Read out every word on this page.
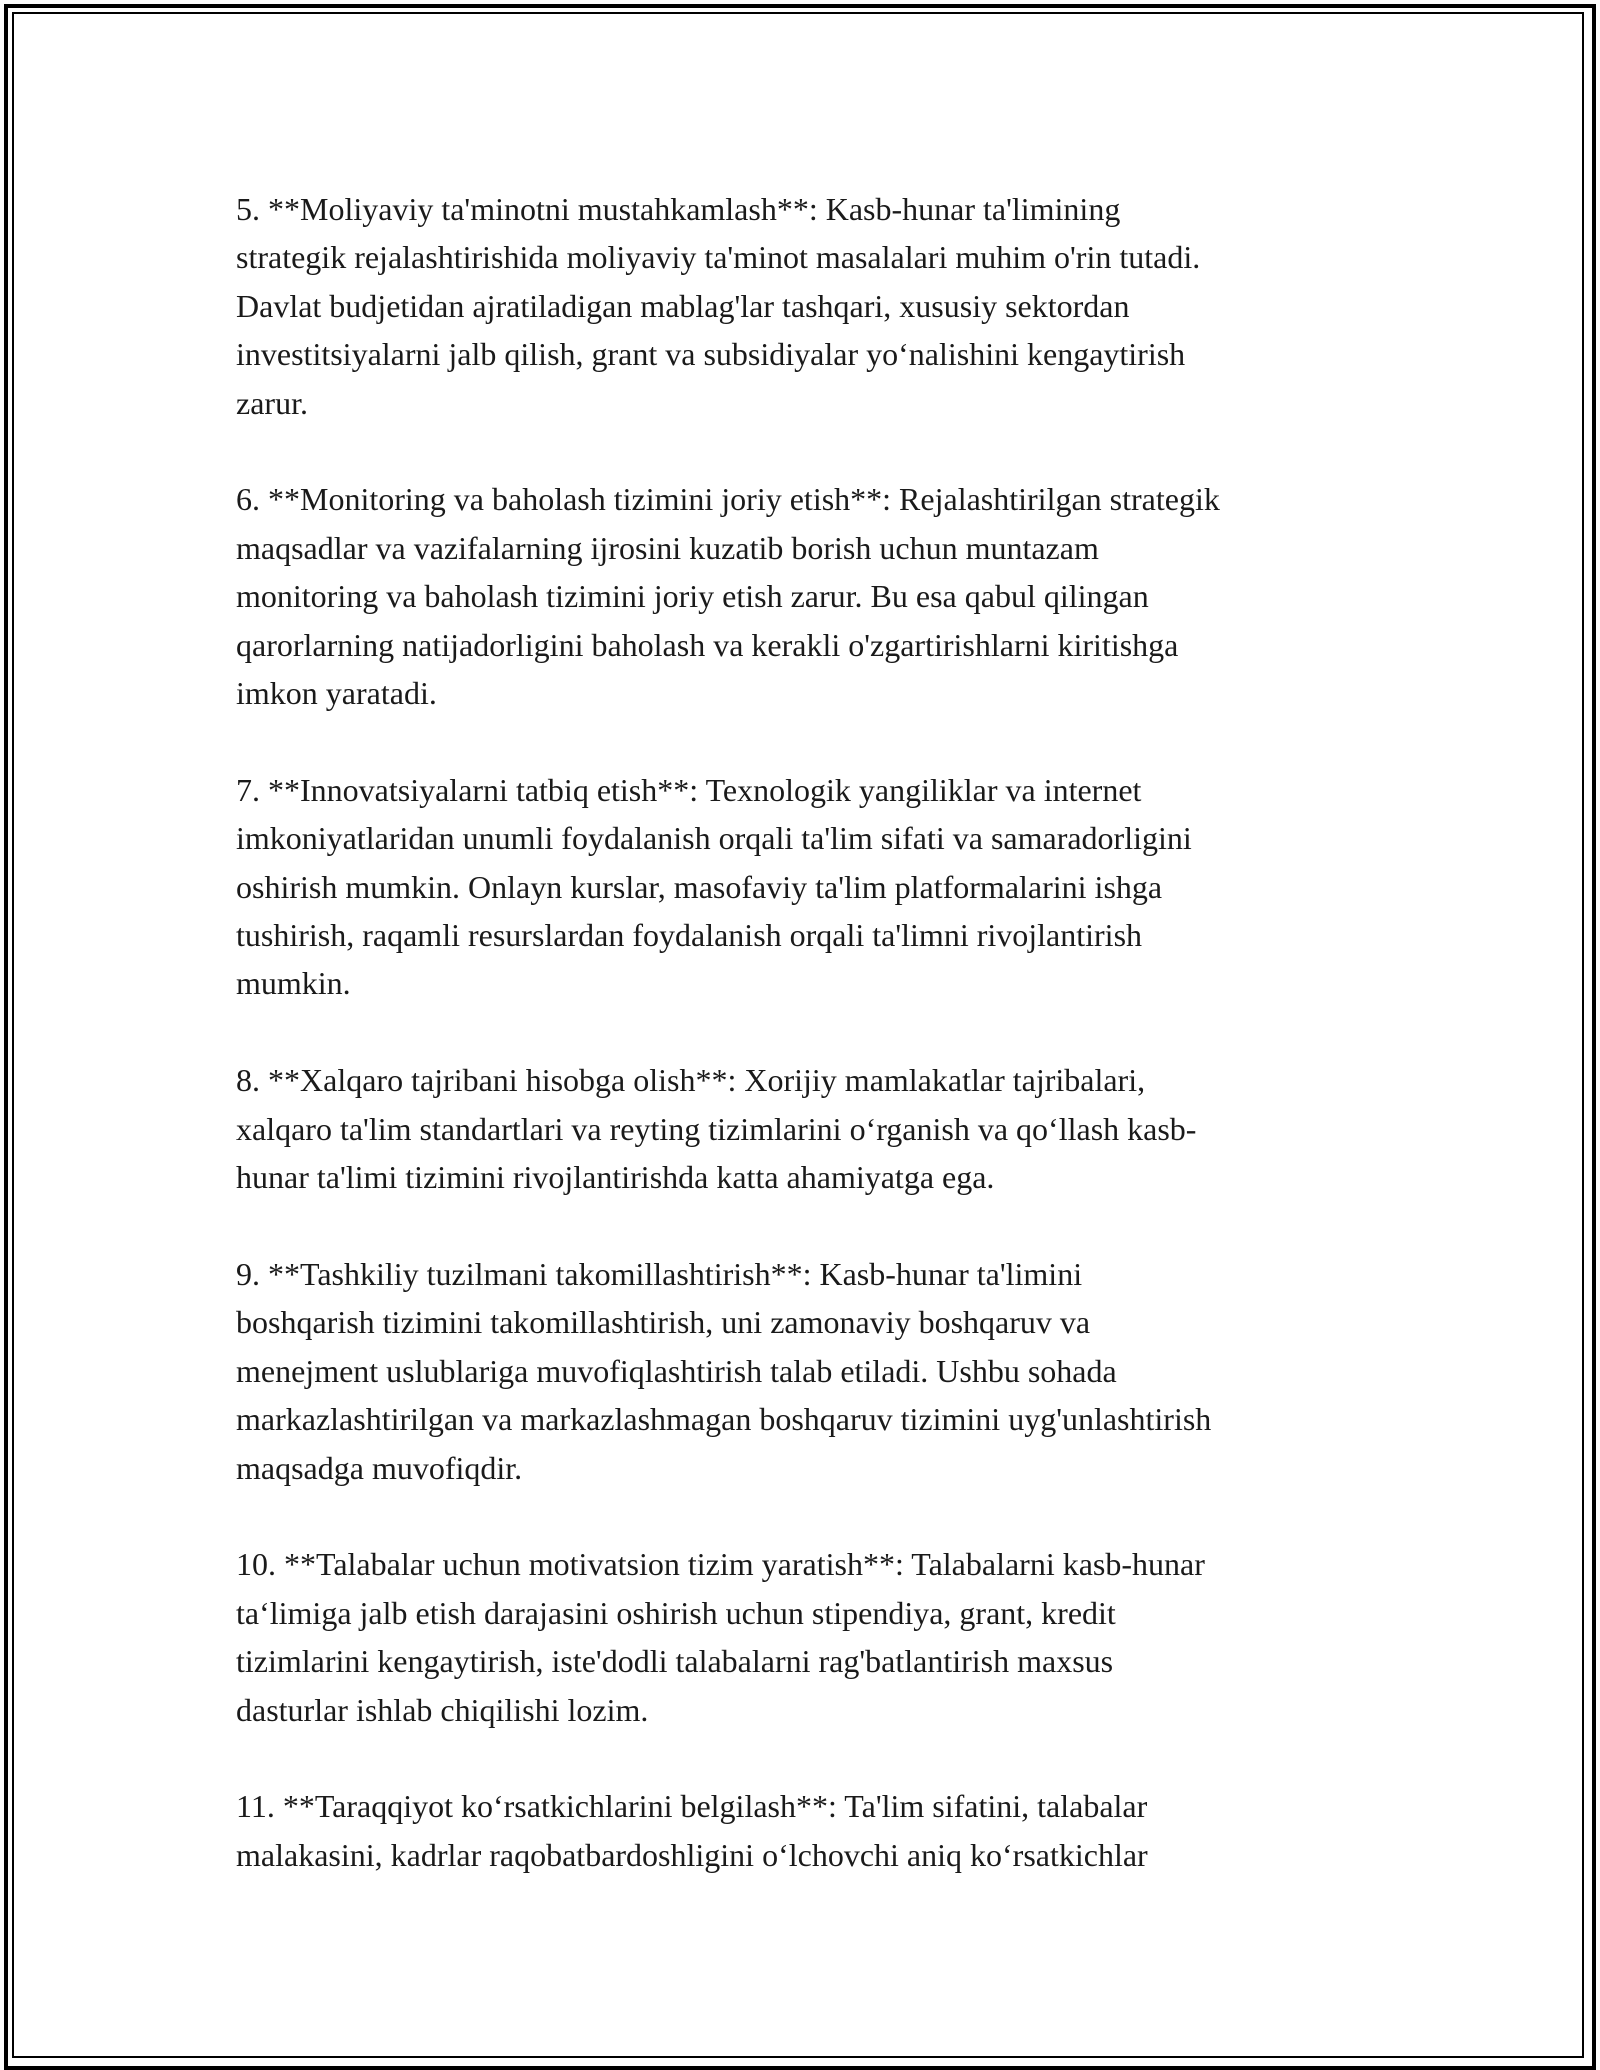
5. **Moliyaviy ta'minotni mustahkamlash**: Kasb-hunar ta'limining
strategik rejalashtirishida moliyaviy ta'minot masalalari muhim o'rin tutadi.
Davlat budjetidan ajratiladigan mablag'lar tashqari, xususiy sektordan
investitsiyalarni jalb qilish, grant va subsidiyalar yo‘nalishini kengaytirish
zarur.

6. **Monitoring va baholash tizimini joriy etish**: Rejalashtirilgan strategik
maqsadlar va vazifalarning ijrosini kuzatib borish uchun muntazam
monitoring va baholash tizimini joriy etish zarur. Bu esa qabul qilingan
qarorlarning natijadorligini baholash va kerakli o'zgartirishlarni kiritishga
imkon yaratadi.

7. **Innovatsiyalarni tatbiq etish**: Texnologik yangiliklar va internet
imkoniyatlaridan unumli foydalanish orqali ta'lim sifati va samaradorligini
oshirish mumkin. Onlayn kurslar, masofaviy ta'lim platformalarini ishga
tushirish, raqamli resurslardan foydalanish orqali ta'limni rivojlantirish
mumkin.

8. **Xalqaro tajribani hisobga olish**: Xorijiy mamlakatlar tajribalari,
xalqaro ta'lim standartlari va reyting tizimlarini o‘rganish va qo‘llash kasb-
hunar ta'limi tizimini rivojlantirishda katta ahamiyatga ega.

9. **Tashkiliy tuzilmani takomillashtirish**: Kasb-hunar ta'limini
boshqarish tizimini takomillashtirish, uni zamonaviy boshqaruv va
menejment uslublariga muvofiqlashtirish talab etiladi. Ushbu sohada
markazlashtirilgan va markazlashmagan boshqaruv tizimini uyg'unlashtirish
maqsadga muvofiqdir.

10. **Talabalar uchun motivatsion tizim yaratish**: Talabalarni kasb-hunar
ta‘limiga jalb etish darajasini oshirish uchun stipendiya, grant, kredit
tizimlarini kengaytirish, iste'dodli talabalarni rag'batlantirish maxsus
dasturlar ishlab chiqilishi lozim.

11. **Taraqqiyot ko‘rsatkichlarini belgilash**: Ta'lim sifatini, talabalar
malakasini, kadrlar raqobatbardoshligini o‘lchovchi aniq ko‘rsatkichlar
